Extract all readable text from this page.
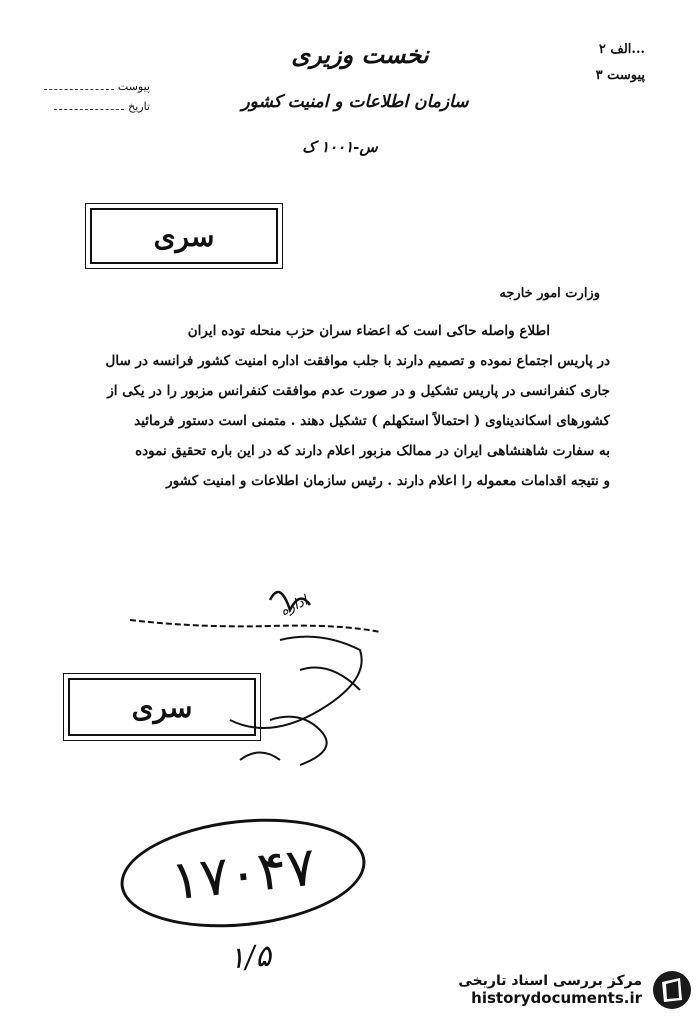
نخست وزیری
سازمان اطلاعات و امنیت کشور
س-۱۰۰۱ ک
...الف ۲
پیوست ۳
پیوست
تاریخ
سری
وزارت امور خارجه

اطلاع واصله حاکی است که اعضاء سران حزب منحله توده ایران

در پاریس اجتماع نموده و تصمیم دارند با جلب موافقت اداره امنیت کشور فرانسه در سال

جاری کنفرانسی در پاریس تشکیل و در صورت عدم موافقت کنفرانس مزبور را در یکی از

کشورهای اسکاندیناوی ( احتمالاً استکهلم ) تشکیل دهند . متمنی است دستور فرمائید

به سفارت شاهنشاهی ایران در ممالک مزبور اعلام دارند که در این باره تحقیق نموده

و نتیجه اقدامات معموله را اعلام دارند . رئیس سازمان اطلاعات و امنیت کشور

اداره
سری
۱۷۰۴۷
۱/۵
مرکز بررسی اسناد تاریخی
historydocuments.ir
